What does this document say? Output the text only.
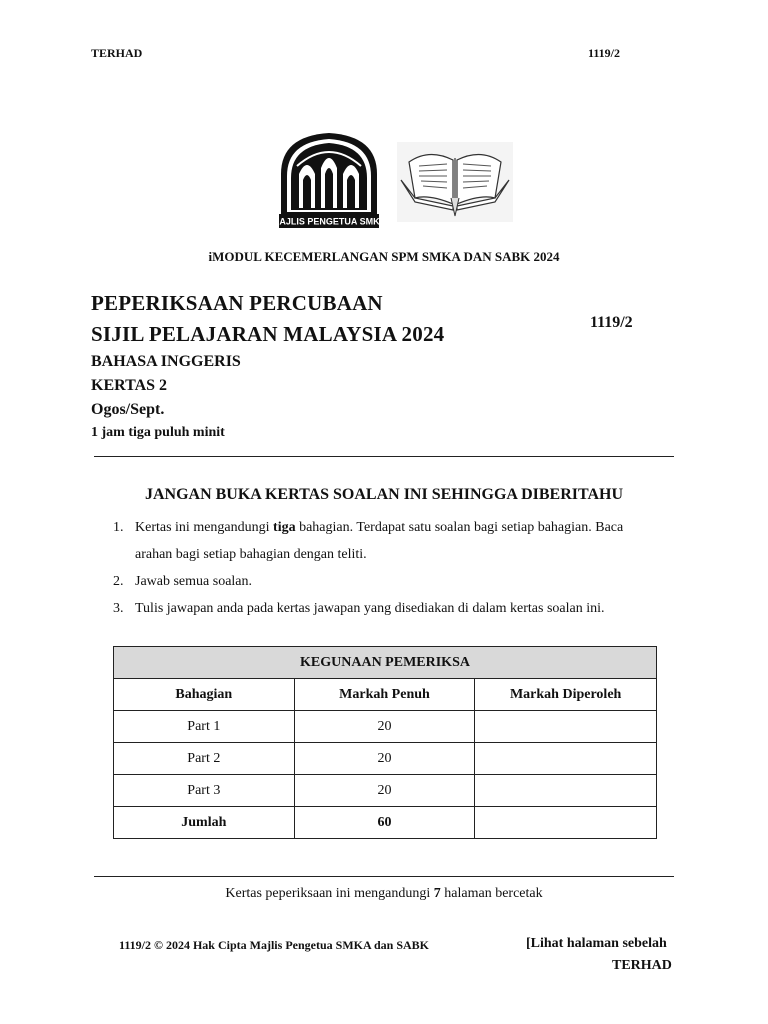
TERHAD	1119/2
MAJLIS PENGETUA SMKA
iMODUL KECEMERLANGAN SPM SMKA DAN SABK 2024
PEPERIKSAAN PERCUBAAN
SIJIL PELAJARAN MALAYSIA 2024	1119/2
BAHASA INGGERIS
KERTAS 2
Ogos/Sept.
1 jam tiga puluh minit
JANGAN BUKA KERTAS SOALAN INI SEHINGGA DIBERITAHU
1. Kertas ini mengandungi tiga bahagian. Terdapat satu soalan bagi setiap bahagian. Baca
arahan bagi setiap bahagian dengan teliti.
2. Jawab semua soalan.
3. Tulis jawapan anda pada kertas jawapan yang disediakan di dalam kertas soalan ini.
KEGUNAAN PEMERIKSA		
Bahagian	Markah Penuh	Markah Diperoleh
Part 1	20	
Part 2	20	
Part 3	20	
Jumlah	60	
Kertas peperiksaan ini mengandungi 7 halaman bercetak
1119/2 © 2024 Hak Cipta Majlis Pengetua SMKA dan SABK	[Lihat halaman sebelah
TERHAD
